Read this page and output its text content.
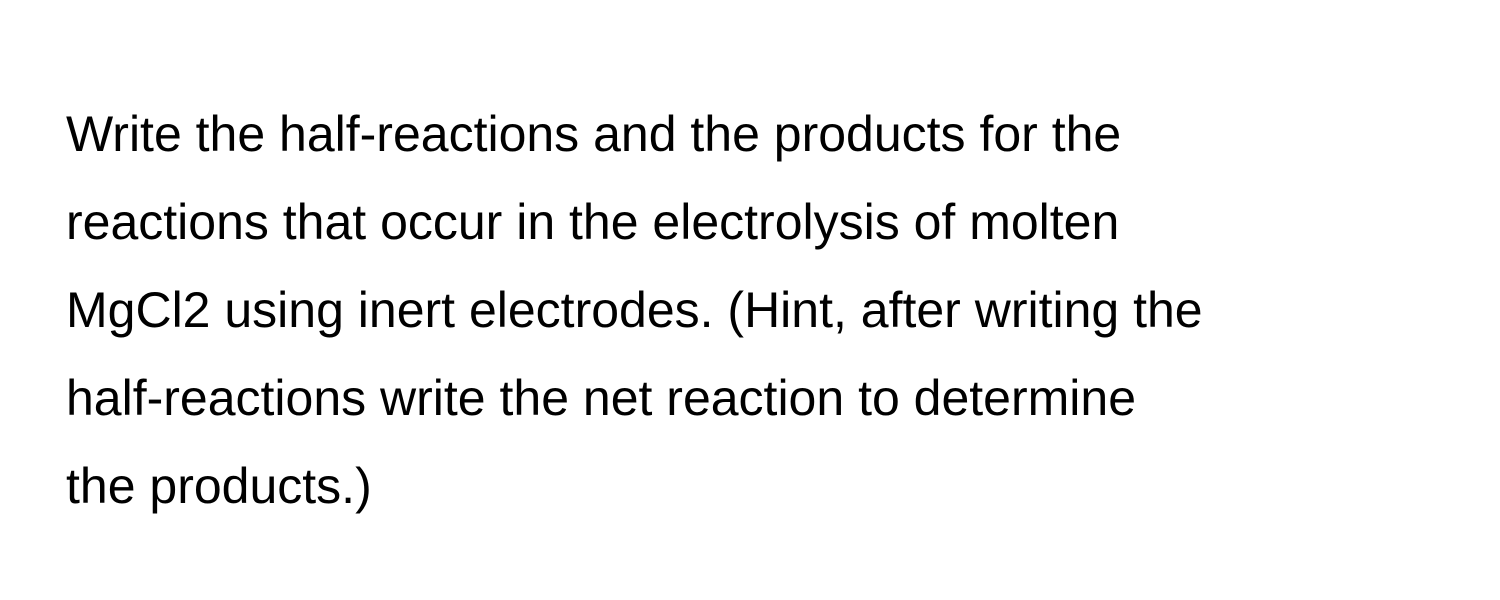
Write the half-reactions and the products for the
reactions that occur in the electrolysis of molten
MgCl2 using inert electrodes. (Hint, after writing the
half-reactions write the net reaction to determine
the products.)
